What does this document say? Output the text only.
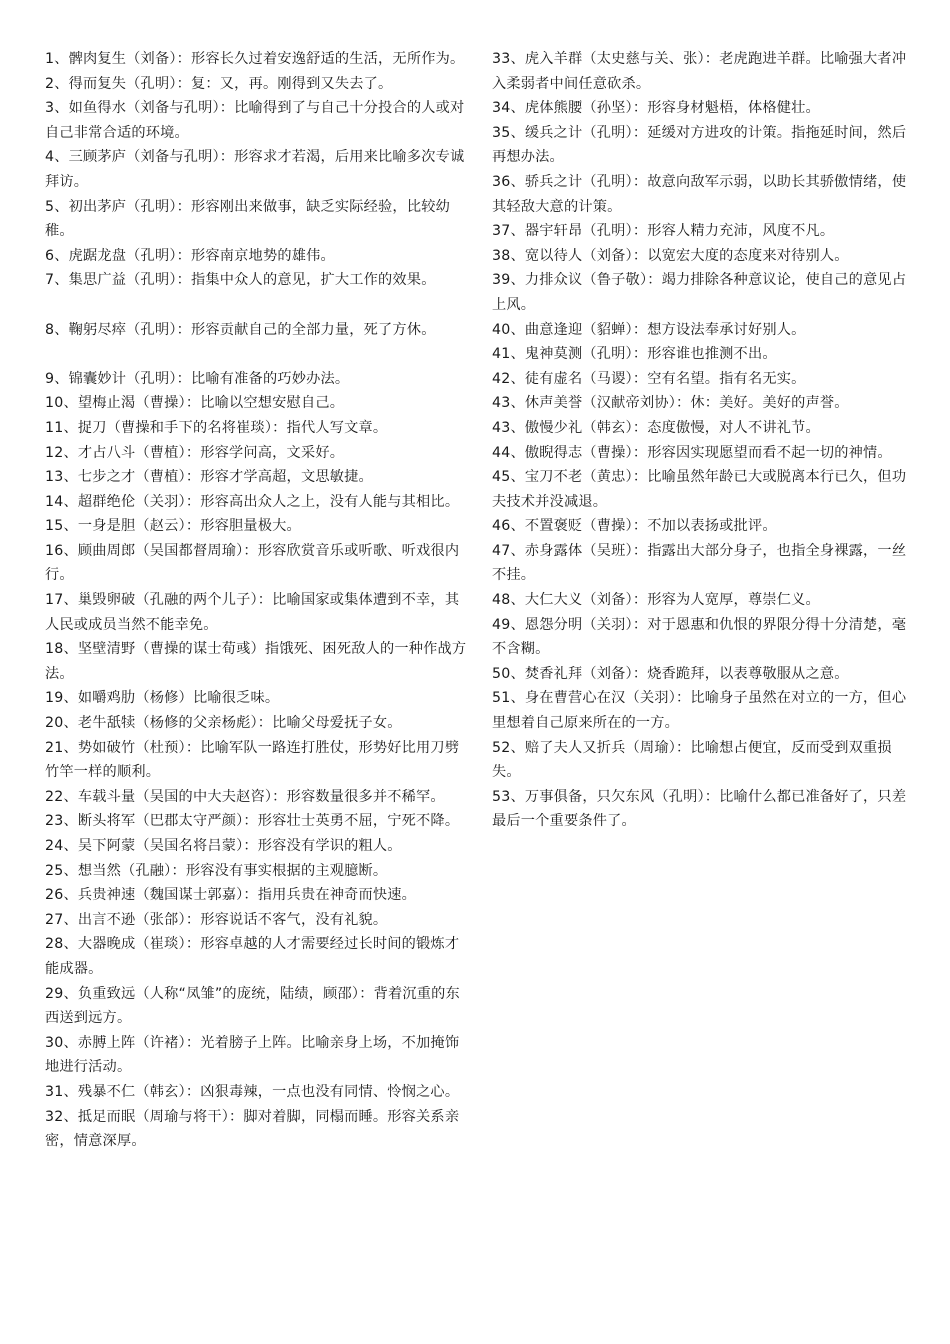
1、髀肉复生（刘备）：形容长久过着安逸舒适的生活，无所作为。

2、得而复失（孔明）：复：又，再。刚得到又失去了。

3、如鱼得水（刘备与孔明）：比喻得到了与自己十分投合的人或对自己非常合适的环境。

4、三顾茅庐（刘备与孔明）：形容求才若渴，后用来比喻多次专诚拜访。

5、初出茅庐（孔明）：形容刚出来做事，缺乏实际经验，比较幼稚。

6、虎踞龙盘（孔明）：形容南京地势的雄伟。

7、集思广益（孔明）：指集中众人的意见，扩大工作的效果。

8、鞠躬尽瘁（孔明）：形容贡献自己的全部力量，死了方休。

9、锦囊妙计（孔明）：比喻有准备的巧妙办法。

10、望梅止渴（曹操）：比喻以空想安慰自己。

11、捉刀（曹操和手下的名将崔琰）：指代人写文章。

12、才占八斗（曹植）：形容学问高，文采好。

13、七步之才（曹植）：形容才学高超，文思敏捷。

14、超群绝伦（关羽）：形容高出众人之上，没有人能与其相比。

15、一身是胆（赵云）：形容胆量极大。

16、顾曲周郎（吴国都督周瑜）：形容欣赏音乐或听歌、听戏很内行。

17、巢毁卵破（孔融的两个儿子）：比喻国家或集体遭到不幸，其人民或成员当然不能幸免。

18、坚壁清野（曹操的谋士荀彧）指饿死、困死敌人的一种作战方法。

19、如嚼鸡肋（杨修）比喻很乏味。

20、老牛舐犊（杨修的父亲杨彪）：比喻父母爱抚子女。

21、势如破竹（杜预）：比喻军队一路连打胜仗，形势好比用刀劈竹竿一样的顺利。

22、车载斗量（吴国的中大夫赵咨）：形容数量很多并不稀罕。

23、断头将军（巴郡太守严颜）：形容壮士英勇不屈，宁死不降。

24、吴下阿蒙（吴国名将吕蒙）：形容没有学识的粗人。

25、想当然（孔融）：形容没有事实根据的主观臆断。

26、兵贵神速（魏国谋士郭嘉）：指用兵贵在神奇而快速。

27、出言不逊（张郃）：形容说话不客气，没有礼貌。

28、大器晚成（崔琰）：形容卓越的人才需要经过长时间的锻炼才能成器。

29、负重致远（人称“凤雏”的庞统，陆绩，顾邵）：背着沉重的东西送到远方。

30、赤膊上阵（许褚）：光着膀子上阵。比喻亲身上场，不加掩饰地进行活动。

31、残暴不仁（韩玄）：凶狠毒辣，一点也没有同情、怜悯之心。

32、抵足而眠（周瑜与将干）：脚对着脚，同榻而睡。形容关系亲密，情意深厚。

33、虎入羊群（太史慈与关、张）：老虎跑进羊群。比喻强大者冲入柔弱者中间任意砍杀。

34、虎体熊腰（孙坚）：形容身材魁梧，体格健壮。

35、缓兵之计（孔明）：延缓对方进攻的计策。指拖延时间，然后再想办法。

36、骄兵之计（孔明）：故意向敌军示弱，以助长其骄傲情绪，使其轻敌大意的计策。

37、器宇轩昂（孔明）：形容人精力充沛，风度不凡。

38、宽以待人（刘备）：以宽宏大度的态度来对待别人。

39、力排众议（鲁子敬）：竭力排除各种意议论，使自己的意见占上风。

40、曲意逢迎（貂蝉）：想方设法奉承讨好别人。

41、鬼神莫测（孔明）：形容谁也推测不出。

42、徒有虚名（马谡）：空有名望。指有名无实。

43、休声美誉（汉献帝刘协）：休：美好。美好的声誉。

43、傲慢少礼（韩玄）：态度傲慢，对人不讲礼节。

44、傲睨得志（曹操）：形容因实现愿望而看不起一切的神情。

45、宝刀不老（黄忠）：比喻虽然年龄已大或脱离本行已久，但功夫技术并没减退。

46、不置褒贬（曹操）：不加以表扬或批评。

47、赤身露体（吴班）：指露出大部分身子，也指全身裸露，一丝不挂。

48、大仁大义（刘备）：形容为人宽厚，尊崇仁义。

49、恩怨分明（关羽）：对于恩惠和仇恨的界限分得十分清楚，毫不含糊。

50、焚香礼拜（刘备）：烧香跪拜，以表尊敬服从之意。

51、身在曹营心在汉（关羽）：比喻身子虽然在对立的一方，但心里想着自己原来所在的一方。

52、赔了夫人又折兵（周瑜）：比喻想占便宜，反而受到双重损失。

53、万事俱备，只欠东风（孔明）：比喻什么都已准备好了，只差最后一个重要条件了。
